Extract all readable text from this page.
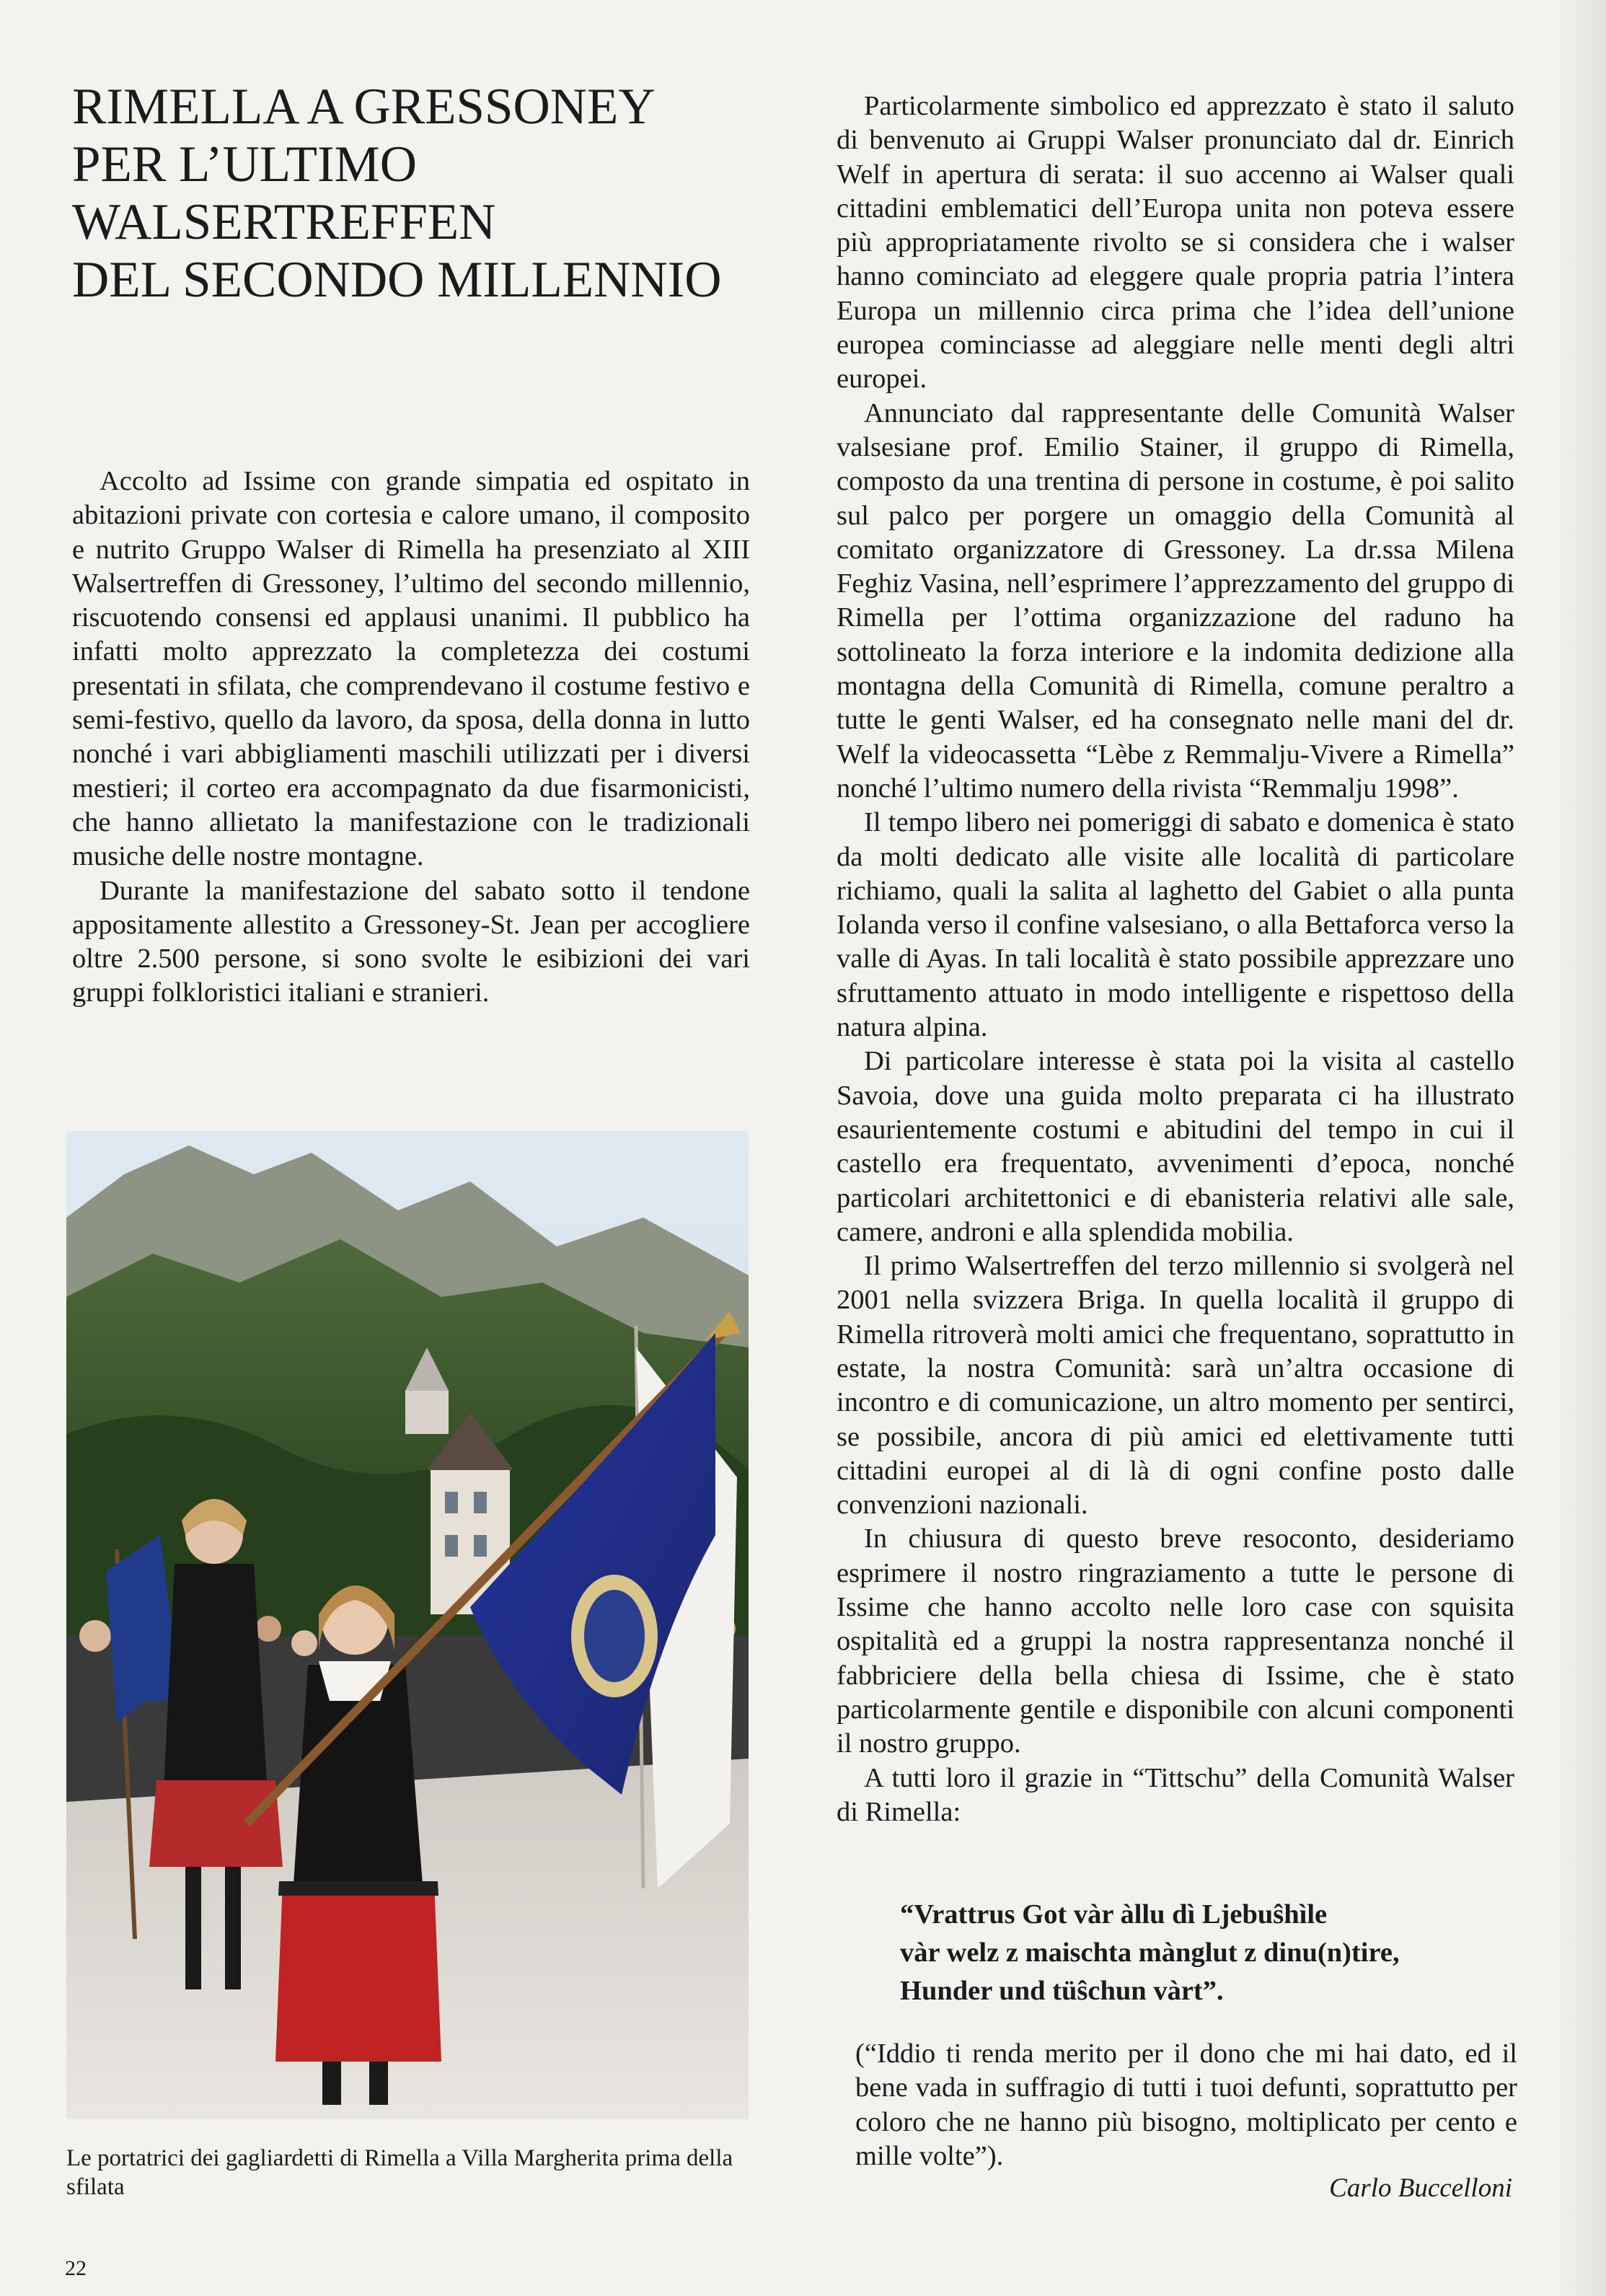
RIMELLA A GRESSONEY
PER L’ULTIMO
WALSERTREFFEN
DEL SECONDO MILLENNIO

Accolto ad Issime con grande simpatia ed ospitato in abitazioni private con cortesia e calore umano, il composito e nutrito Gruppo Walser di Rimella ha presenziato al XIII Walsertreffen di Gressoney, l’ultimo del secondo millennio, riscuotendo consensi ed applausi unanimi. Il pubblico ha infatti molto apprezzato la completezza dei costumi presentati in sfilata, che comprendevano il costume festivo e semi-festivo, quello da lavoro, da sposa, della donna in lutto nonché i vari abbigliamenti maschili utilizzati per i diversi mestieri; il corteo era accompagnato da due fisarmonicisti, che hanno allietato la manifestazione con le tradizionali musiche delle nostre montagne.

Durante la manifestazione del sabato sotto il tendone appositamente allestito a Gressoney-St. Jean per accogliere oltre 2.500 persone, si sono svolte le esibizioni dei vari gruppi folkloristici italiani e stranieri.

Le portatrici dei gagliardetti di Rimella a Villa Margherita prima della sfilata

22

Particolarmente simbolico ed apprezzato è stato il saluto di benvenuto ai Gruppi Walser pronunciato dal dr. Einrich Welf in apertura di serata: il suo accenno ai Walser quali cittadini emblematici dell’Europa unita non poteva essere più appropriatamente rivolto se si considera che i walser hanno cominciato ad eleggere quale propria patria l’intera Europa un millennio circa prima che l’idea dell’unione europea cominciasse ad aleggiare nelle menti degli altri europei.

Annunciato dal rappresentante delle Comunità Walser valsesiane prof. Emilio Stainer, il gruppo di Rimella, composto da una trentina di persone in costume, è poi salito sul palco per porgere un omaggio della Comunità al comitato organizzatore di Gressoney. La dr.ssa Milena Feghiz Vasina, nell’esprimere l’apprezzamento del gruppo di Rimella per l’ottima organizzazione del raduno ha sottolineato la forza interiore e la indomita dedizione alla montagna della Comunità di Rimella, comune peraltro a tutte le genti Walser, ed ha consegnato nelle mani del dr. Welf la videocassetta “Lèbe z Remmalju-Vivere a Rimella” nonché l’ultimo numero della rivista “Remmalju 1998”.

Il tempo libero nei pomeriggi di sabato e domenica è stato da molti dedicato alle visite alle località di particolare richiamo, quali la salita al laghetto del Gabiet o alla punta Iolanda verso il confine valsesiano, o alla Bettaforca verso la valle di Ayas. In tali località è stato possibile apprezzare uno sfruttamento attuato in modo intelligente e rispettoso della natura alpina.

Di particolare interesse è stata poi la visita al castello Savoia, dove una guida molto preparata ci ha illustrato esaurientemente costumi e abitudini del tempo in cui il castello era frequentato, avvenimenti d’epoca, nonché particolari architettonici e di ebanisteria relativi alle sale, camere, androni e alla splendida mobilia.

Il primo Walsertreffen del terzo millennio si svolgerà nel 2001 nella svizzera Briga. In quella località il gruppo di Rimella ritroverà molti amici che frequentano, soprattutto in estate, la nostra Comunità: sarà un’altra occasione di incontro e di comunicazione, un altro momento per sentirci, se possibile, ancora di più amici ed elettivamente tutti cittadini europei al di là di ogni confine posto dalle convenzioni nazionali.

In chiusura di questo breve resoconto, desideriamo esprimere il nostro ringraziamento a tutte le persone di Issime che hanno accolto nelle loro case con squisita ospitalità ed a gruppi la nostra rappresentanza nonché il fabbriciere della bella chiesa di Issime, che è stato particolarmente gentile e disponibile con alcuni componenti il nostro gruppo.

A tutti loro il grazie in “Tittschu” della Comunità Walser di Rimella:

“Vrattrus Got vàr àllu dì Ljebuŝhìle
vàr welz z maischta mànglut z dinu(n)tire,
Hunder und tüŝchun vàrt”.

(“Iddio ti renda merito per il dono che mi hai dato, ed il bene vada in suffragio di tutti i tuoi defunti, soprattutto per coloro che ne hanno più bisogno, moltiplicato per cento e mille volte”).

Carlo Buccelloni
